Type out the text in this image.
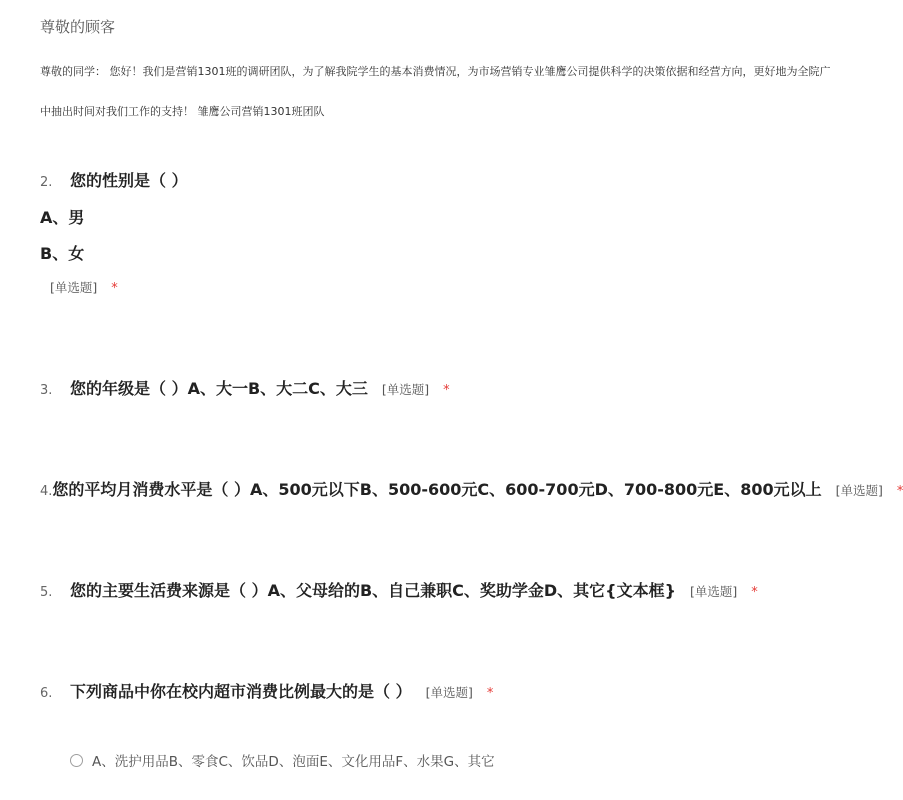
尊敬的顾客
尊敬的同学： 您好！我们是营销1301班的调研团队，为了解我院学生的基本消费情况，为市场营销专业雏鹰公司提供科学的决策依据和经营方向，更好地为全院广
中抽出时间对我们工作的支持！ 雏鹰公司营销1301班团队
2.	您的性别是（ ）
A、男
B、女
[单选题] *
3.	您的年级是（ ）A、大一B、大二C、大三 [单选题] *
4. 您的平均月消费水平是（ ）A、500元以下B、500-600元C、600-700元D、700-800元E、800元以上 [单选题] *
5.	您的主要生活费来源是（ ）A、父母给的B、自己兼职C、奖助学金D、其它{文本框} [单选题] *
6.	下列商品中你在校内超市消费比例最大的是（ ） [单选题] *
A、洗护用品B、零食C、饮品D、泡面E、文化用品F、水果G、其它
